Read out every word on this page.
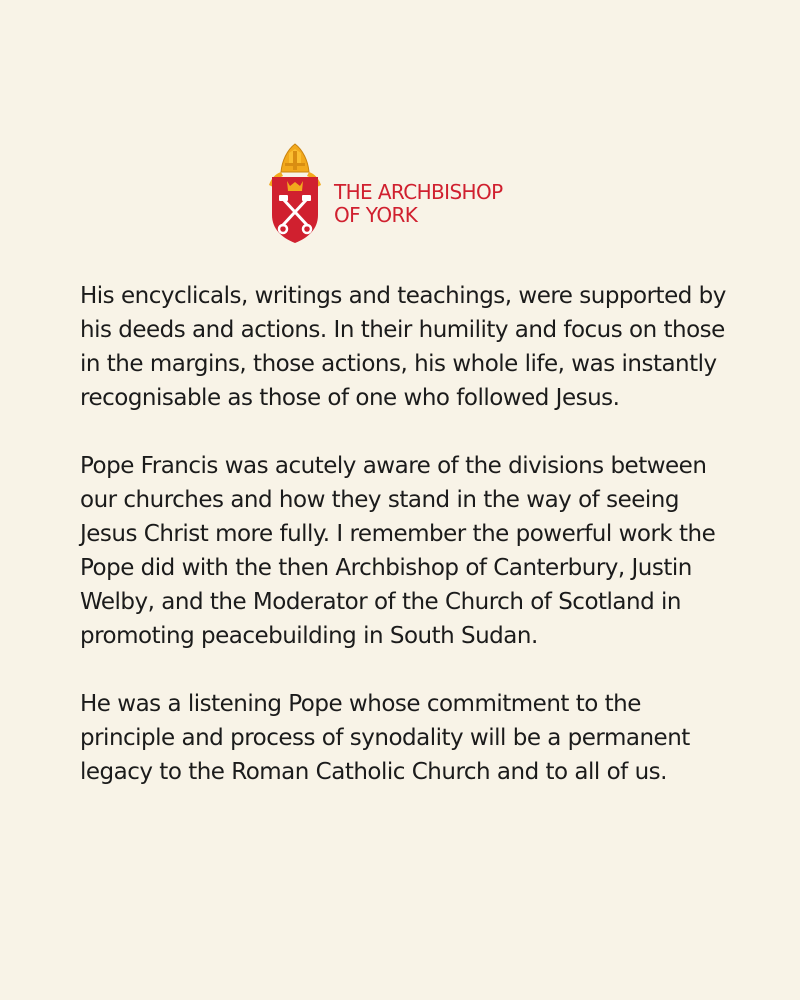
THE ARCHBISHOP
OF YORK

His encyclicals, writings and teachings, were supported by his deeds and actions. In their humility and focus on those in the margins, those actions, his whole life, was instantly recognisable as those of one who followed Jesus.

Pope Francis was acutely aware of the divisions between our churches and how they stand in the way of seeing Jesus Christ more fully. I remember the powerful work the Pope did with the then Archbishop of Canterbury, Justin Welby, and the Moderator of the Church of Scotland in promoting peacebuilding in South Sudan.

He was a listening Pope whose commitment to the principle and process of synodality will be a permanent legacy to the Roman Catholic Church and to all of us.
